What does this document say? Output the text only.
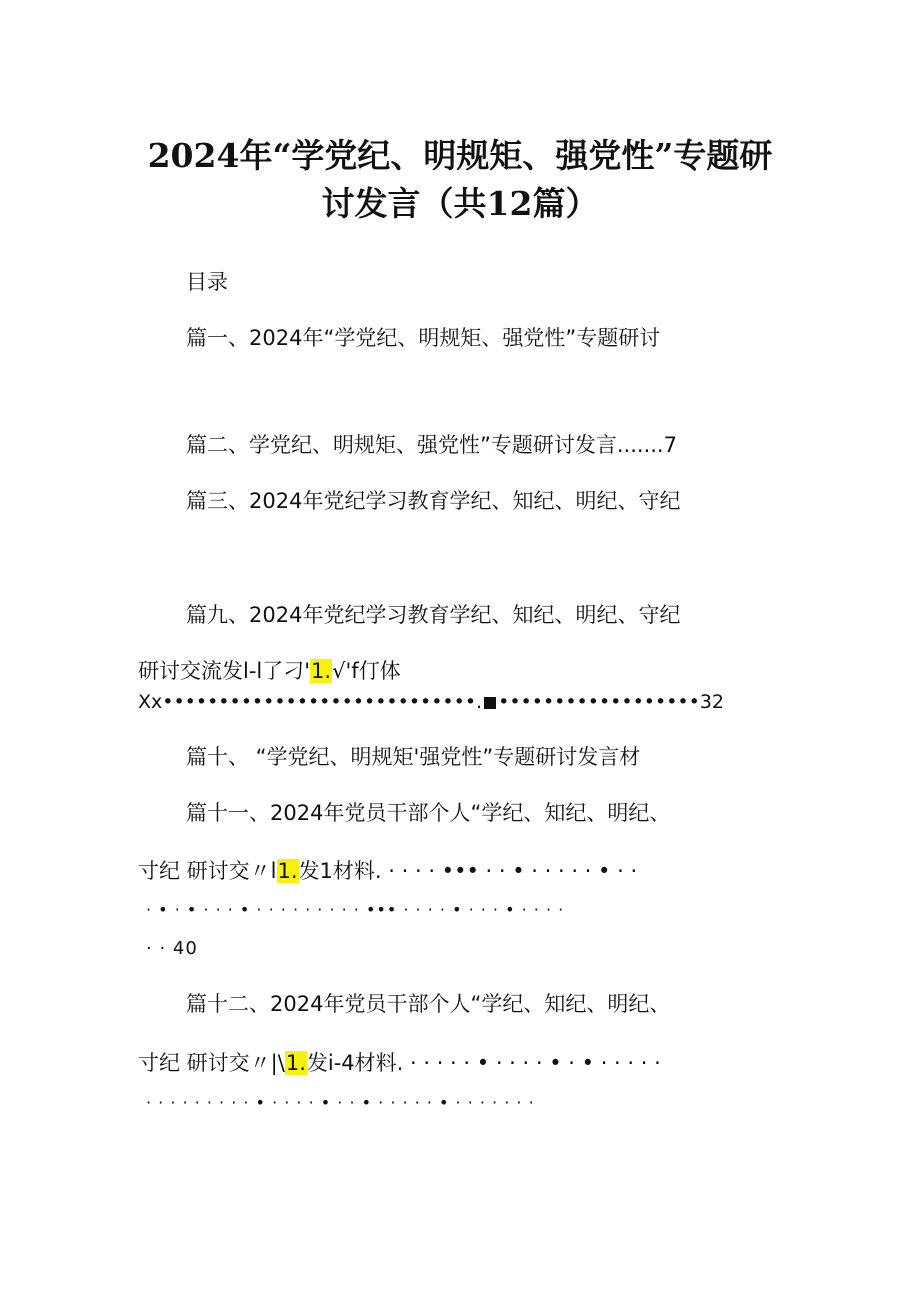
2024年“学党纪、明规矩、强党性”专题研
讨发言（共12篇）
目录
篇一、2024年“学党纪、明规矩、强党性”专题研讨
篇二、学党纪、明规矩、强党性”专题研讨发言.......7
篇三、2024年党纪学习教育学纪、知纪、明纪、守纪
篇九、2024年党纪学习教育学纪、知纪、明纪、守纪
研讨交流发l-l了刁'1.√'f仃体
Xx••••••••••••••••••••••••••••. ••••••••••••••••••32
篇十、 “学党纪、明规矩'强党性”专题研讨发言材
篇十一、2024年党员干部个人“学纪、知纪、明纪、
寸纪 研讨交〃l1.发1材料. · · · · ••• · · • · · · · · • · ·
· • · • · · · • · · · · · · · · · ••• · · · · • · · · • · · · ·
· · 40
篇十二、2024年党员干部个人“学纪、知纪、明纪、
寸纪 研讨交〃|\1.发i-4材料. · · · · · • · · · · • · • · · · · ·
· · · · · · · · · • · · · · • · · • · · · · · • · · · · · · ·
